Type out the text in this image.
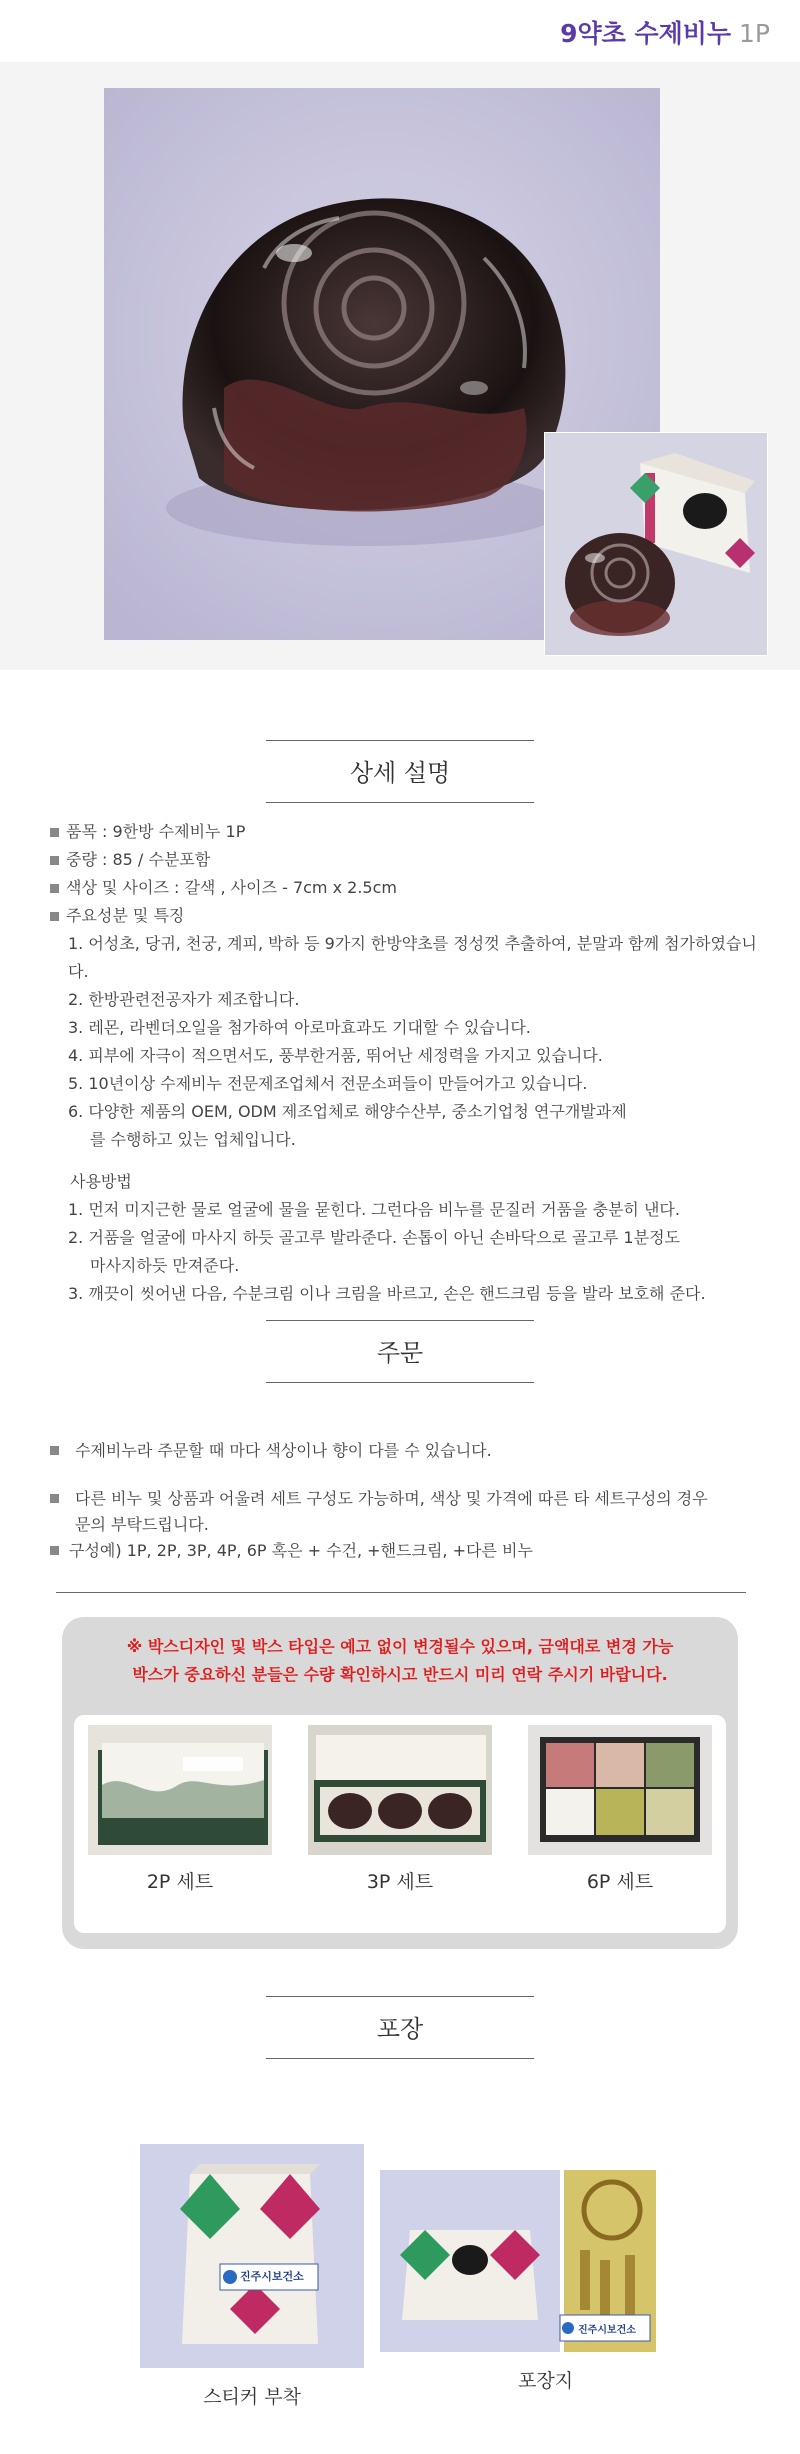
9약초 수제비누 1P
상세 설명
품목 : 9한방 수제비누 1P
중량 : 85 / 수분포함
색상 및 사이즈 : 갈색 , 사이즈 - 7cm x 2.5cm
주요성분 및 특징
1. 어성초, 당귀, 천궁, 계피, 박하 등 9가지 한방약초를 정성껏 추출하여, 분말과 함께 첨가하였습니다.
2. 한방관련전공자가 제조합니다.
3. 레몬, 라벤더오일을 첨가하여 아로마효과도 기대할 수 있습니다.
4. 피부에 자극이 적으면서도, 풍부한거품, 뛰어난 세정력을 가지고 있습니다.
5. 10년이상 수제비누 전문제조업체서 전문소퍼들이 만들어가고 있습니다.
6. 다양한 제품의 OEM, ODM 제조업체로 해양수산부, 중소기업청 연구개발과제
를 수행하고 있는 업체입니다.
사용방법
1. 먼저 미지근한 물로 얼굴에 물을 묻힌다. 그런다음 비누를 문질러 거품을 충분히 낸다.
2. 거품을 얼굴에 마사지 하듯 골고루 발라준다. 손톱이 아닌 손바닥으로 골고루 1분정도
마사지하듯 만져준다.
3. 깨끗이 씻어낸 다음, 수분크림 이나 크림을 바르고, 손은 핸드크림 등을 발라 보호해 준다.
주문
수제비누라 주문할 때 마다 색상이나 향이 다를 수 있습니다.
다른 비누 및 상품과 어울려 세트 구성도 가능하며, 색상 및 가격에 따른 타 세트구성의 경우
문의 부탁드립니다.
구성예) 1P, 2P, 3P, 4P, 6P 혹은 + 수건, +핸드크림, +다른 비누
※ 박스디자인 및 박스 타입은 예고 없이 변경될수 있으며, 금액대로 변경 가능
박스가 중요하신 분들은 수량 확인하시고 반드시 미리 연락 주시기 바랍니다.
2P 세트	3P 세트	6P 세트
포장
진주시보건소
스티커 부착
진주시보건소
포장지
